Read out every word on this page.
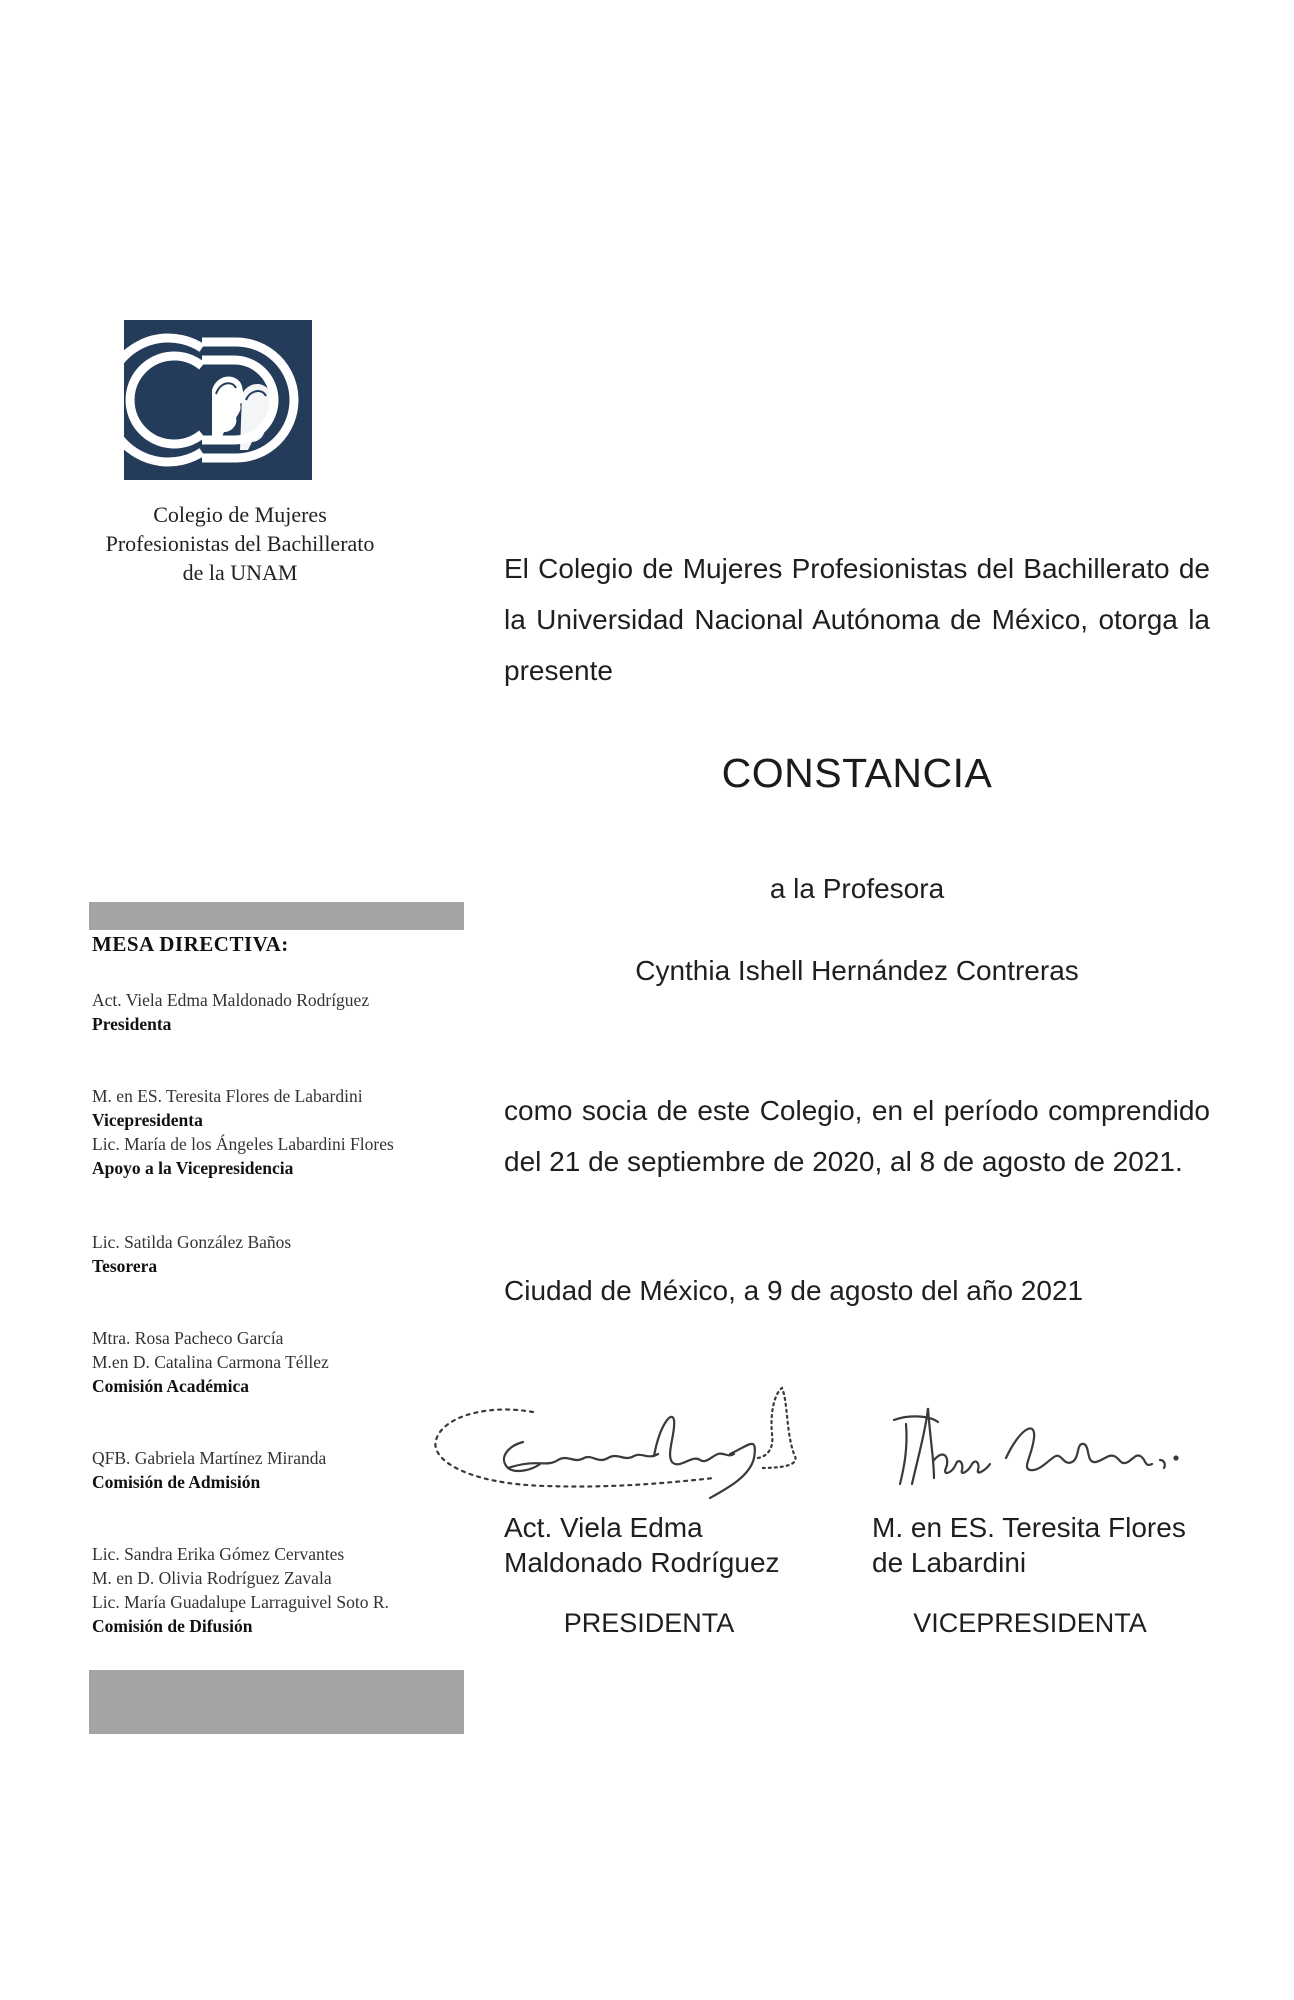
Colegio de Mujeres
Profesionistas del Bachillerato
de la UNAM
MESA DIRECTIVA:
Act. Viela Edma Maldonado Rodríguez
Presidenta
M. en ES. Teresita Flores de Labardini
Vicepresidenta
Lic. María de los Ángeles Labardini Flores
Apoyo a la Vicepresidencia
Lic. Satilda González Baños
Tesorera
Mtra. Rosa Pacheco García
M.en D. Catalina Carmona Téllez
Comisión Académica
QFB. Gabriela Martínez Miranda
Comisión de Admisión
Lic. Sandra Erika Gómez Cervantes
M. en D. Olivia Rodríguez Zavala
Lic. María Guadalupe Larraguivel Soto R.
Comisión de Difusión
El Colegio de Mujeres Profesionistas del Bachillerato de la Universidad Nacional Autónoma de México, otorga la presente
CONSTANCIA
a la Profesora
Cynthia Ishell Hernández Contreras
como socia de este Colegio, en el período comprendido del 21 de septiembre de 2020, al 8 de agosto de 2021.
Ciudad de México, a 9 de agosto del año 2021
Act. Viela Edma
Maldonado Rodríguez
M. en ES. Teresita Flores
de Labardini
PRESIDENTA	VICEPRESIDENTA
